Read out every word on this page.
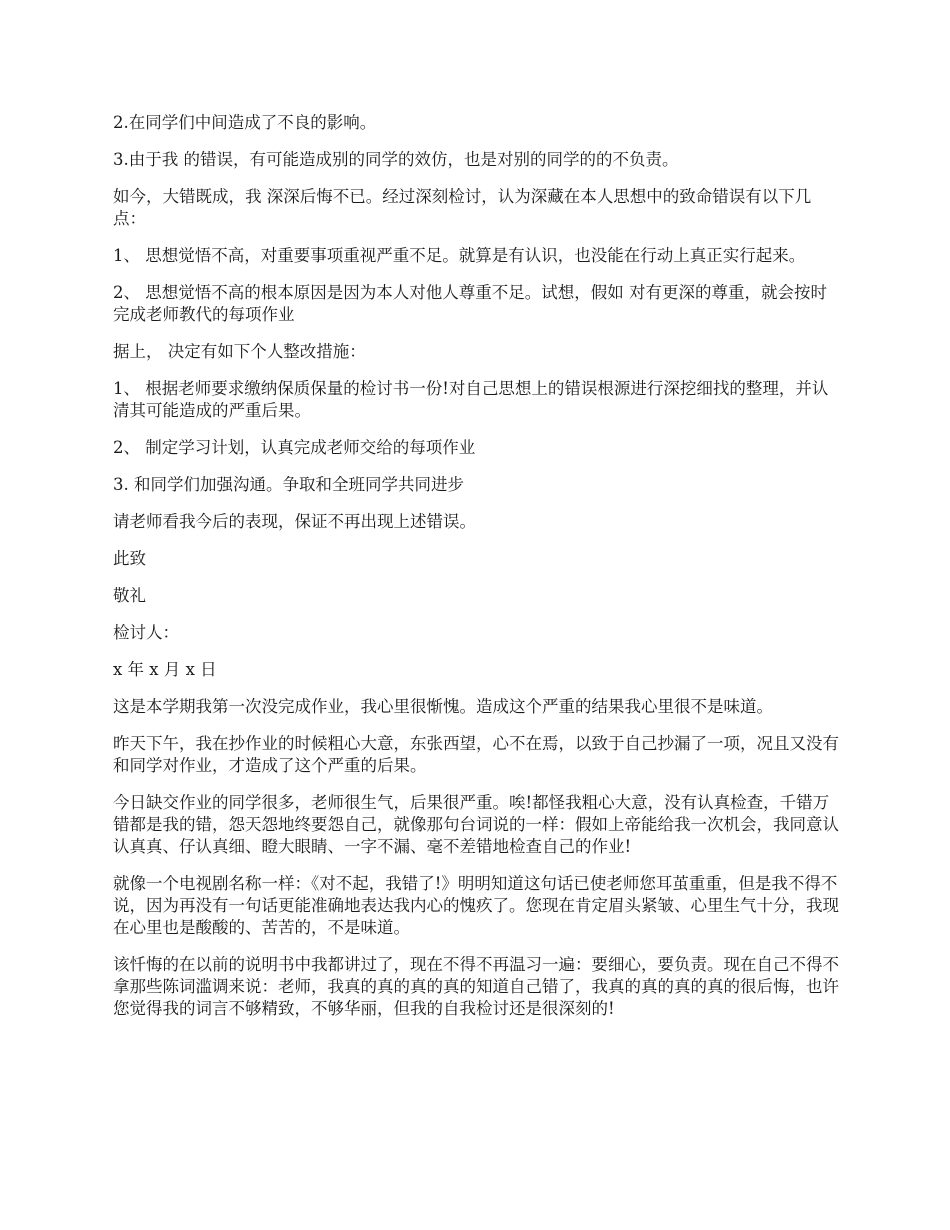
2.在同学们中间造成了不良的影响。

3.由于我 的错误，有可能造成别的同学的效仿，也是对别的同学的的不负责。

如今，大错既成，我 深深后悔不已。经过深刻检讨，认为深藏在本人思想中的致命错误有以下几点：

1、 思想觉悟不高，对重要事项重视严重不足。就算是有认识，也没能在行动上真正实行起来。

2、 思想觉悟不高的根本原因是因为本人对他人尊重不足。试想，假如 对有更深的尊重，就会按时完成老师教代的每项作业

据上， 决定有如下个人整改措施：

1、 根据老师要求缴纳保质保量的检讨书一份!对自己思想上的错误根源进行深挖细找的整理，并认清其可能造成的严重后果。

2、 制定学习计划，认真完成老师交给的每项作业

3. 和同学们加强沟通。争取和全班同学共同进步

请老师看我今后的表现，保证不再出现上述错误。

此致

敬礼

检讨人：

x 年 x 月 x 日

这是本学期我第一次没完成作业，我心里很惭愧。造成这个严重的结果我心里很不是味道。

昨天下午，我在抄作业的时候粗心大意，东张西望，心不在焉，以致于自己抄漏了一项，况且又没有和同学对作业，才造成了这个严重的后果。

今日缺交作业的同学很多，老师很生气，后果很严重。唉!都怪我粗心大意，没有认真检查，千错万错都是我的错，怨天怨地终要怨自己，就像那句台词说的一样：假如上帝能给我一次机会，我同意认认真真、仔认真细、瞪大眼睛、一字不漏、毫不差错地检查自己的作业!

就像一个电视剧名称一样：《对不起，我错了!》明明知道这句话已使老师您耳茧重重，但是我不得不说，因为再没有一句话更能准确地表达我内心的愧疚了。您现在肯定眉头紧皱、心里生气十分，我现在心里也是酸酸的、苦苦的，不是味道。

该忏悔的在以前的说明书中我都讲过了，现在不得不再温习一遍：要细心，要负责。现在自己不得不拿那些陈词滥调来说：老师，我真的真的真的真的知道自己错了，我真的真的真的真的很后悔，也许您觉得我的词言不够精致，不够华丽，但我的自我检讨还是很深刻的!
